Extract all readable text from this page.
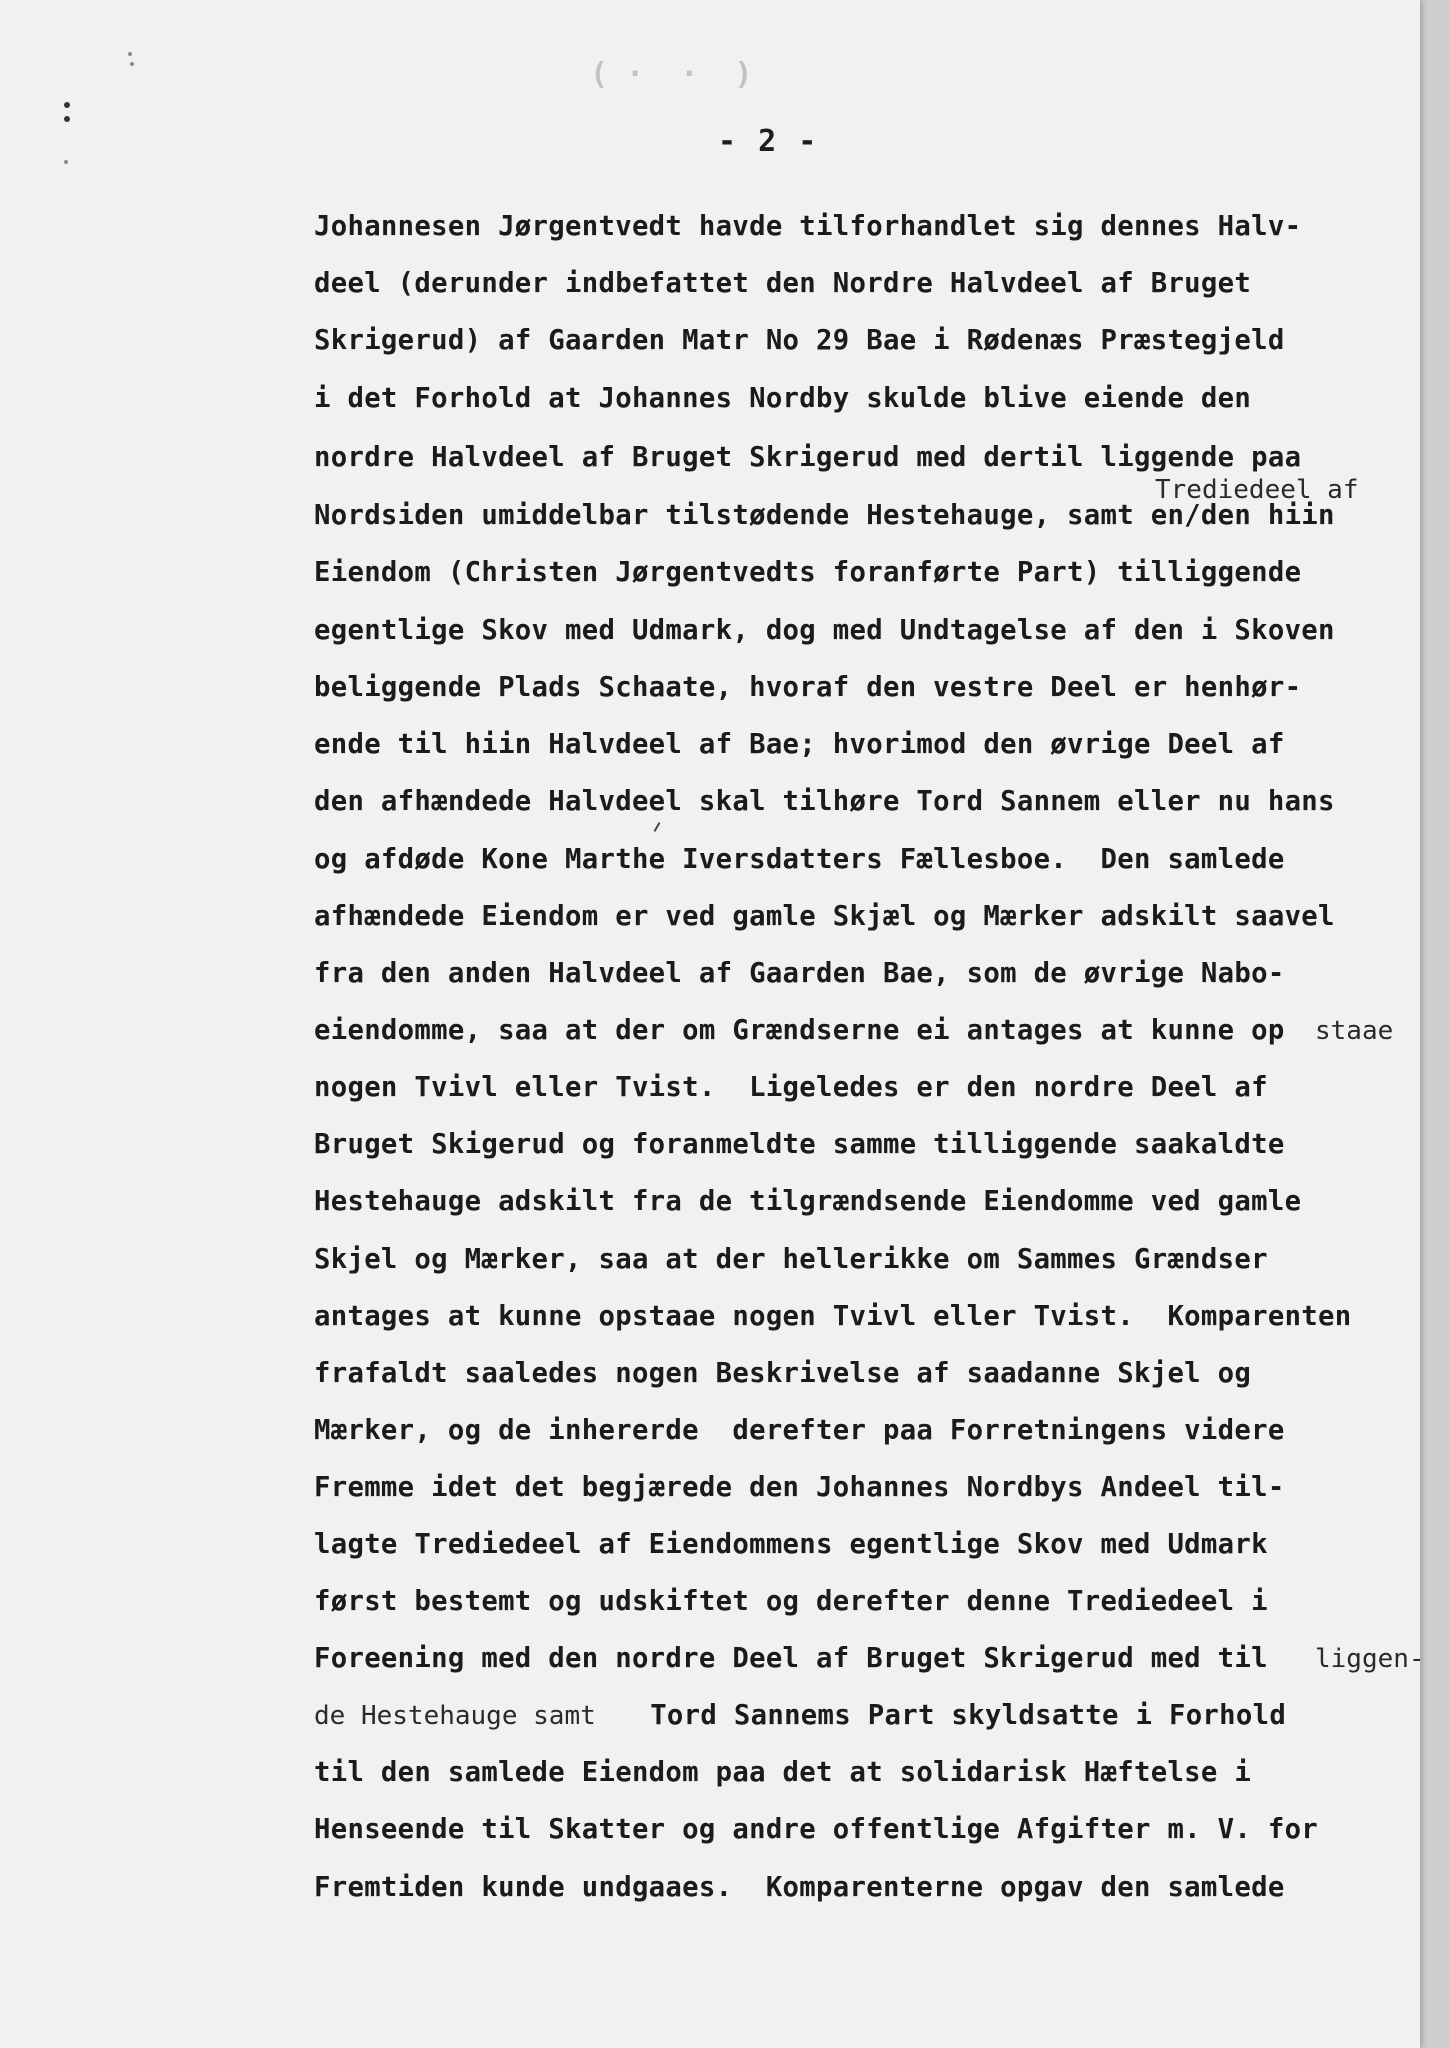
( ·  ·  )
- 2 -
Johannesen Jørgentvedt havde tilforhandlet sig dennes Halv-
deel (derunder indbefattet den Nordre Halvdeel af Bruget
Skrigerud) af Gaarden Matr No 29 Bae i Rødenæs Præstegjeld
i det Forhold at Johannes Nordby skulde blive eiende den
nordre Halvdeel af Bruget Skrigerud med dertil liggende paa
Trediedeel af
Nordsiden umiddelbar tilstødende Hestehauge, samt en/den hiin
Eiendom (Christen Jørgentvedts foranførte Part) tilliggende
egentlige Skov med Udmark, dog med Undtagelse af den i Skoven
beliggende Plads Schaate, hvoraf den vestre Deel er henhør-
ende til hiin Halvdeel af Bae; hvorimod den øvrige Deel af
den afhændede Halvdeel skal tilhøre Tord Sannem eller nu hans
og afdøde Kone Marthe Iversdatters Fællesboe.  Den samlede
afhændede Eiendom er ved gamle Skjæl og Mærker adskilt saavel
fra den anden Halvdeel af Gaarden Bae, som de øvrige Nabo-
eiendomme, saa at der om Grændserne ei antages at kunne op staae
nogen Tvivl eller Tvist.  Ligeledes er den nordre Deel af
Bruget Skigerud og foranmeldte samme tilliggende saakaldte
Hestehauge adskilt fra de tilgrændsende Eiendomme ved gamle
Skjel og Mærker, saa at der hellerikke om Sammes Grændser
antages at kunne opstaae nogen Tvivl eller Tvist.  Komparenten
frafaldt saaledes nogen Beskrivelse af saadanne Skjel og
Mærker, og de inhererde  derefter paa Forretningens videre
Fremme idet det begjærede den Johannes Nordbys Andeel til-
lagte Trediedeel af Eiendommens egentlige Skov med Udmark
først bestemt og udskiftet og derefter denne Trediedeel i
Foreening med den nordre Deel af Bruget Skrigerud med til liggen-
de Hestehauge samt Tord Sannems Part skyldsatte i Forhold
til den samlede Eiendom paa det at solidarisk Hæftelse i
Henseende til Skatter og andre offentlige Afgifter m. V. for
Fremtiden kunde undgaaes.  Komparenterne opgav den samlede
